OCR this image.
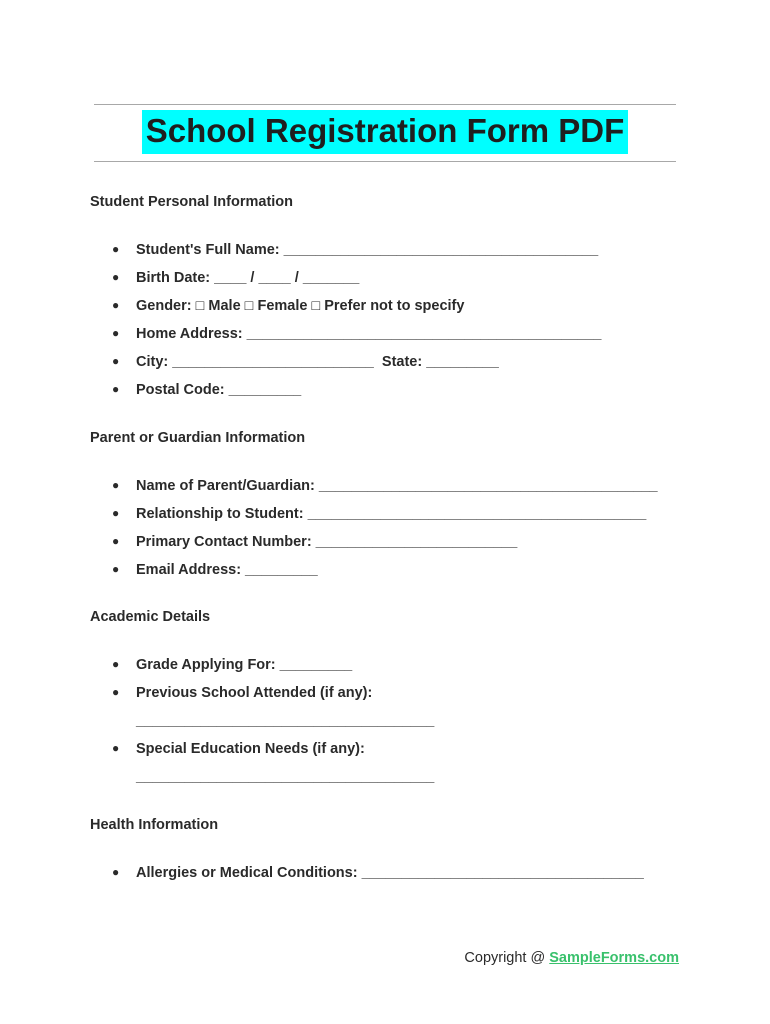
School Registration Form PDF
Student Personal Information
● Student's Full Name: _______________________________________
● Birth Date: ____ / ____ / _______
● Gender: □ Male □ Female □ Prefer not to specify
● Home Address: ____________________________________________
● City: _________________________  State: _________
● Postal Code: _________
Parent or Guardian Information
● Name of Parent/Guardian: __________________________________________
● Relationship to Student: __________________________________________
● Primary Contact Number: _________________________
● Email Address: _________
Academic Details
● Grade Applying For: _________
● Previous School Attended (if any):
_____________________________________
● Special Education Needs (if any):
_____________________________________
Health Information
● Allergies or Medical Conditions: ___________________________________
Copyright @ SampleForms.com
